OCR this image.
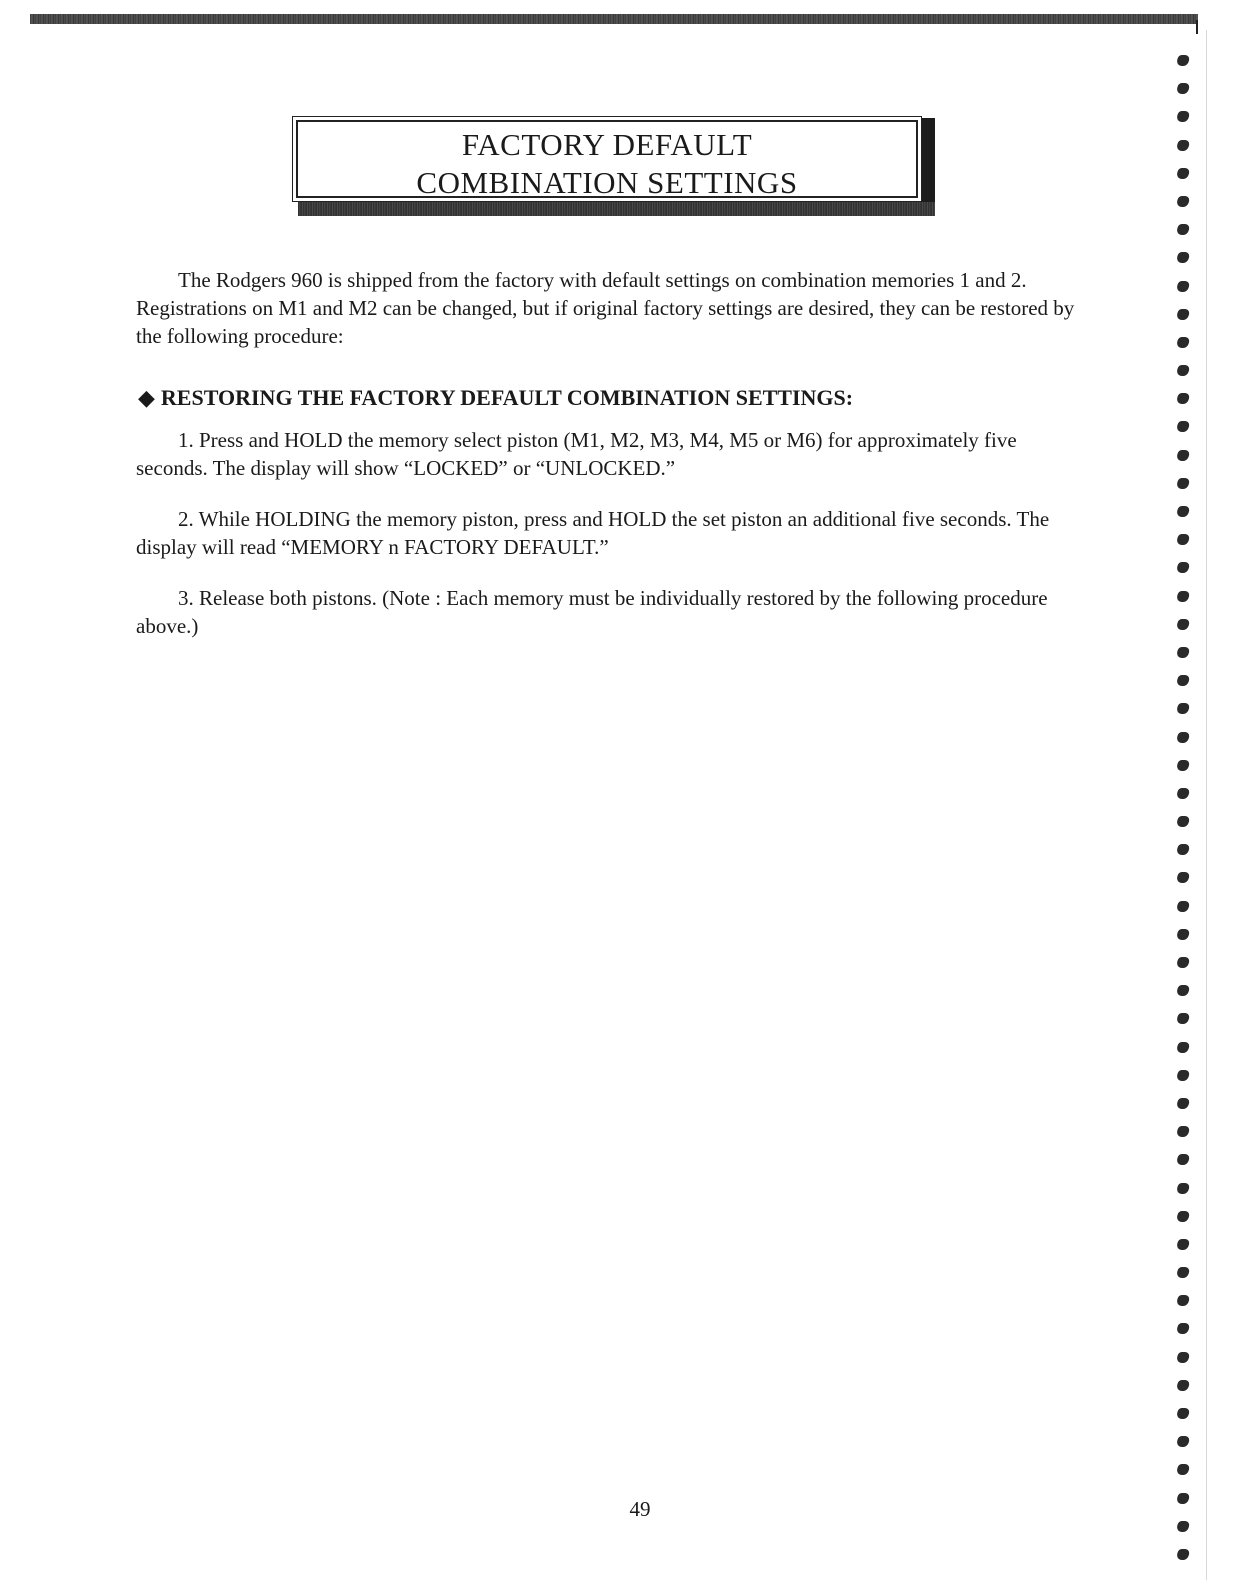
FACTORY DEFAULT
COMBINATION SETTINGS

The Rodgers 960 is shipped from the factory with default settings on combination memories 1 and 2. Registrations on M1 and M2 can be changed, but if original factory settings are desired, they can be restored by the following procedure:

◆ RESTORING THE FACTORY DEFAULT COMBINATION SETTINGS:

1. Press and HOLD the memory select piston (M1, M2, M3, M4, M5 or M6) for approximately five seconds. The display will show “LOCKED” or “UNLOCKED.”

2. While HOLDING the memory piston, press and HOLD the set piston an additional five seconds. The display will read “MEMORY n FACTORY DEFAULT.”

3. Release both pistons. (Note : Each memory must be individually restored by the following procedure above.)

49
